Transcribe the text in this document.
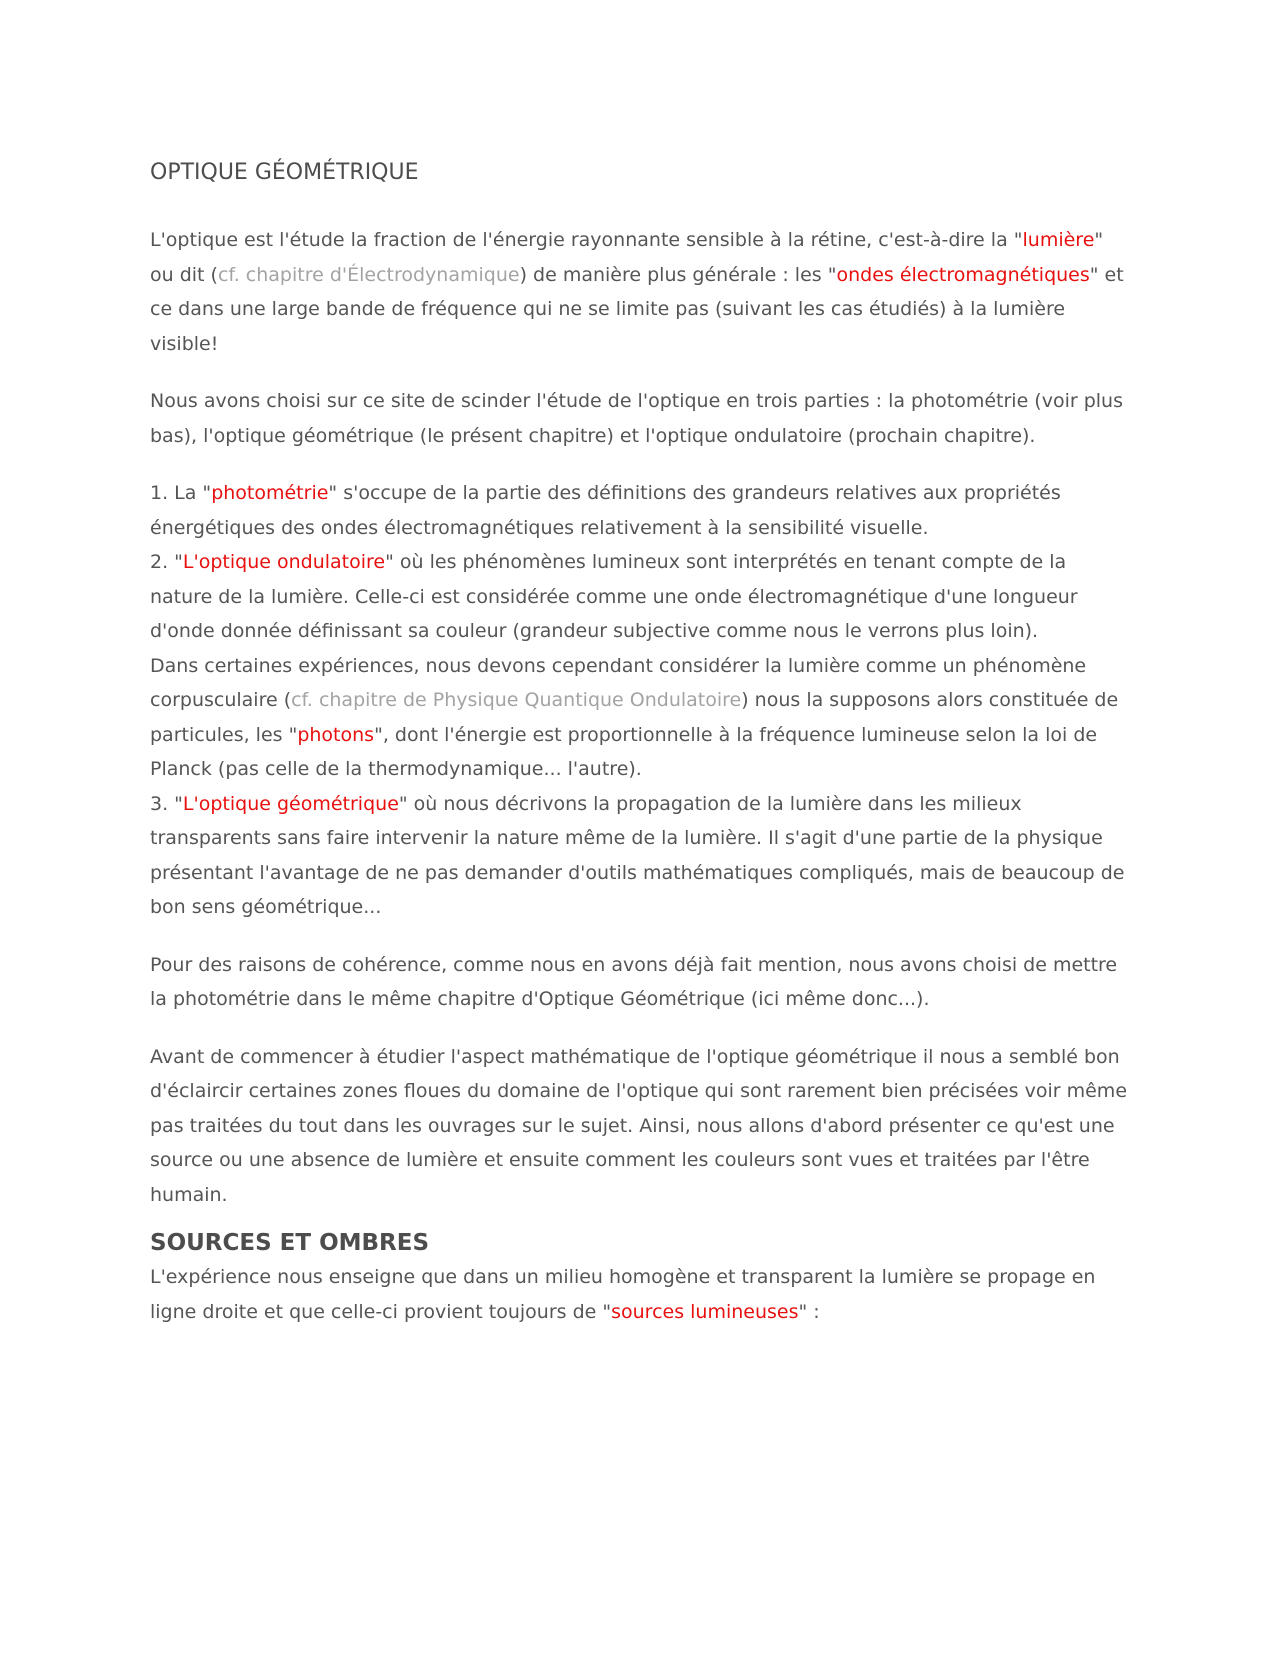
OPTIQUE GÉOMÉTRIQUE

L'optique est l'étude la fraction de l'énergie rayonnante sensible à la rétine, c'est-à-dire la "lumière" ou dit (cf. chapitre d'Électrodynamique) de manière plus générale : les "ondes électromagnétiques" et ce dans une large bande de fréquence qui ne se limite pas (suivant les cas étudiés) à la lumière visible!

Nous avons choisi sur ce site de scinder l'étude de l'optique en trois parties : la photométrie (voir plus bas), l'optique géométrique (le présent chapitre) et l'optique ondulatoire (prochain chapitre).

1. La "photométrie" s'occupe de la partie des définitions des grandeurs relatives aux propriétés énergétiques des ondes électromagnétiques relativement à la sensibilité visuelle.
2. "L'optique ondulatoire" où les phénomènes lumineux sont interprétés en tenant compte de la nature de la lumière. Celle-ci est considérée comme une onde électromagnétique d'une longueur d'onde donnée définissant sa couleur (grandeur subjective comme nous le verrons plus loin).
Dans certaines expériences, nous devons cependant considérer la lumière comme un phénomène corpusculaire (cf. chapitre de Physique Quantique Ondulatoire) nous la supposons alors constituée de particules, les "photons", dont l'énergie est proportionnelle à la fréquence lumineuse selon la loi de Planck (pas celle de la thermodynamique... l'autre).
3. "L'optique géométrique" où nous décrivons la propagation de la lumière dans les milieux transparents sans faire intervenir la nature même de la lumière. Il s'agit d'une partie de la physique présentant l'avantage de ne pas demander d'outils mathématiques compliqués, mais de beaucoup de bon sens géométrique...

Pour des raisons de cohérence, comme nous en avons déjà fait mention, nous avons choisi de mettre la photométrie dans le même chapitre d'Optique Géométrique (ici même donc...).

Avant de commencer à étudier l'aspect mathématique de l'optique géométrique il nous a semblé bon d'éclaircir certaines zones floues du domaine de l'optique qui sont rarement bien précisées voir même pas traitées du tout dans les ouvrages sur le sujet. Ainsi, nous allons d'abord présenter ce qu'est une source ou une absence de lumière et ensuite comment les couleurs sont vues et traitées par l'être humain.

SOURCES ET OMBRES

L'expérience nous enseigne que dans un milieu homogène et transparent la lumière se propage en ligne droite et que celle-ci provient toujours de "sources lumineuses" :
